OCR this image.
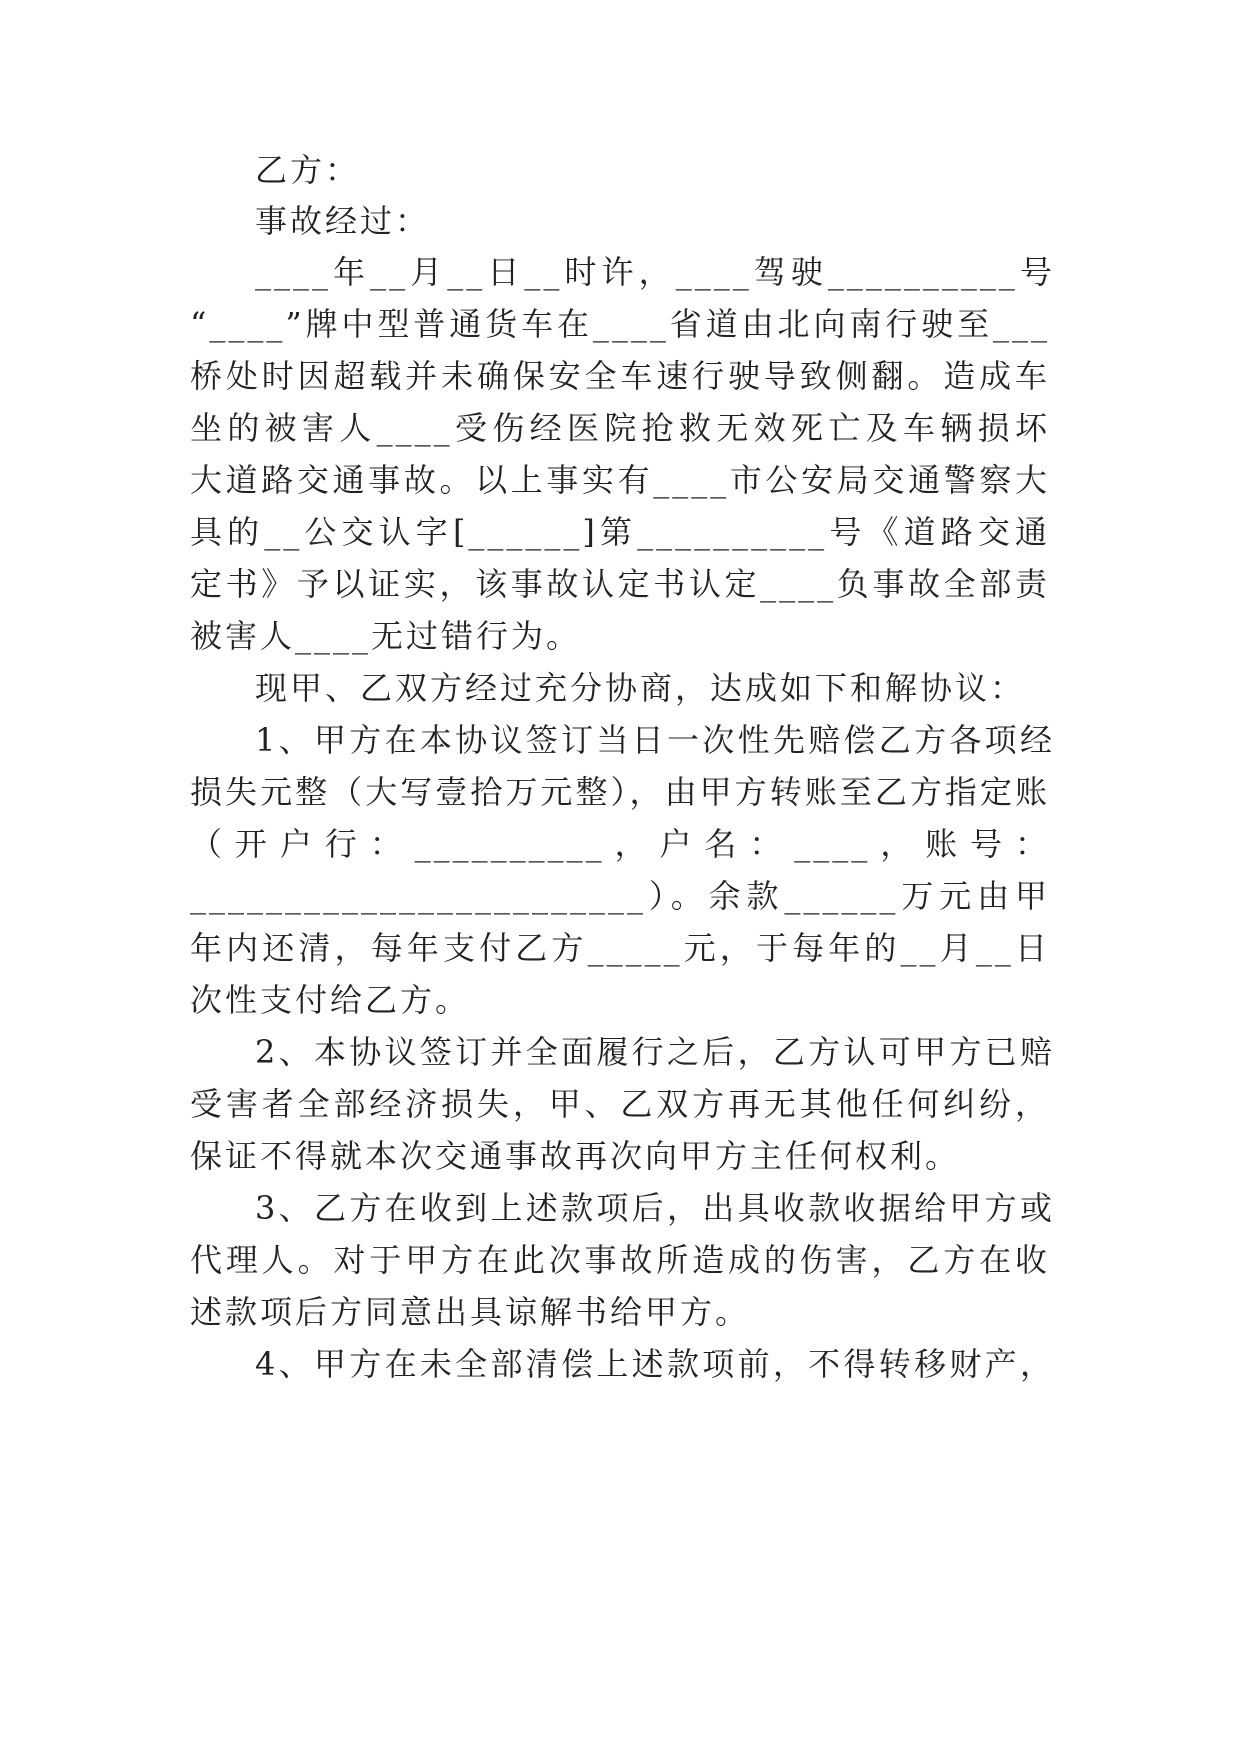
乙方：
事故经过：
____年__月__日__时许，____驾驶__________号
“____”牌中型普通货车在____省道由北向南行驶至___
桥处时因超载并未确保安全车速行驶导致侧翻。造成车
坐的被害人____受伤经医院抢救无效死亡及车辆损坏
大道路交通事故。以上事实有____市公安局交通警察大
具的__公交认字[______]第__________号《道路交通
定书》予以证实，该事故认定书认定____负事故全部责
被害人____无过错行为。
现甲、乙双方经过充分协商，达成如下和解协议：
1、甲方在本协议签订当日一次性先赔偿乙方各项经
损失元整（大写壹拾万元整），由甲方转账至乙方指定账
（开户行：__________，户名：____，账号：
________________________）。余款______万元由甲
年内还清，每年支付乙方_____元，于每年的__月__日
次性支付给乙方。
2、本协议签订并全面履行之后，乙方认可甲方已赔
受害者全部经济损失，甲、乙双方再无其他任何纠纷，
保证不得就本次交通事故再次向甲方主任何权利。
3、乙方在收到上述款项后，出具收款收据给甲方或
代理人。对于甲方在此次事故所造成的伤害，乙方在收
述款项后方同意出具谅解书给甲方。
4、甲方在未全部清偿上述款项前，不得转移财产，
